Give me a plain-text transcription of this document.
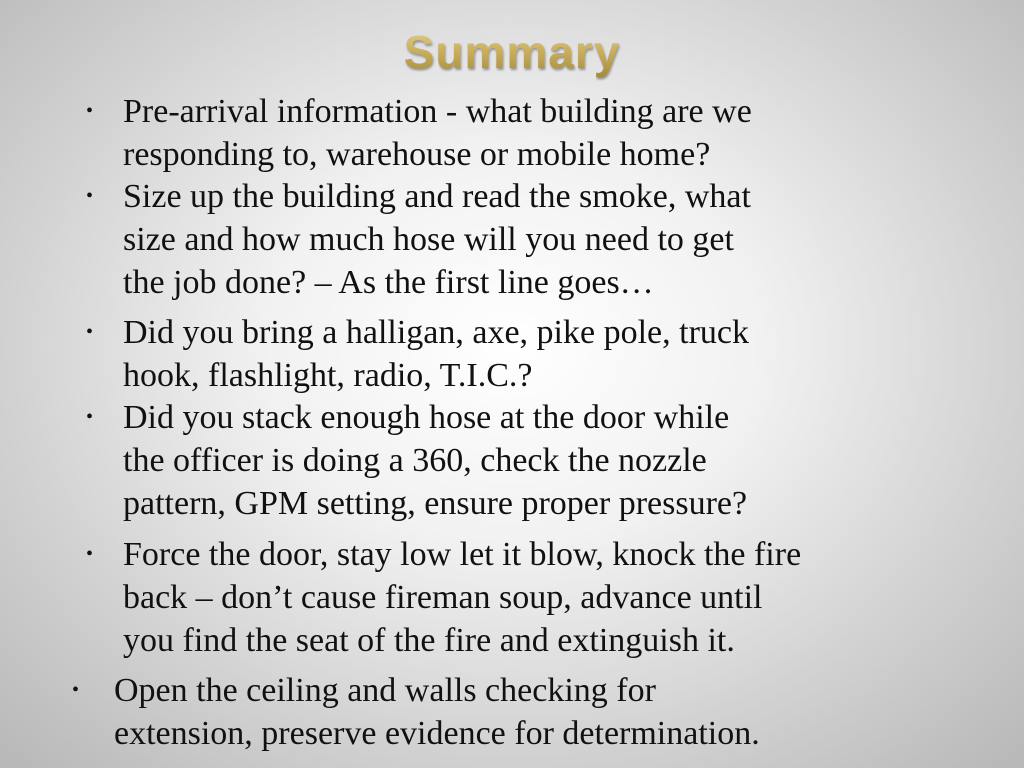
Summary
• Pre-arrival information - what building are we
responding to, warehouse or mobile home?
• Size up the building and read the smoke, what
size and how much hose will you need to get
the job done? – As the first line goes…
• Did you bring a halligan, axe, pike pole, truck
hook, flashlight, radio, T.I.C.?
• Did you stack enough hose at the door while
the officer is doing a 360, check the nozzle
pattern, GPM setting, ensure proper pressure?
• Force the door, stay low let it blow, knock the fire
back – don’t cause fireman soup, advance until
you find the seat of the fire and extinguish it.
• Open the ceiling and walls checking for
extension, preserve evidence for determination.
